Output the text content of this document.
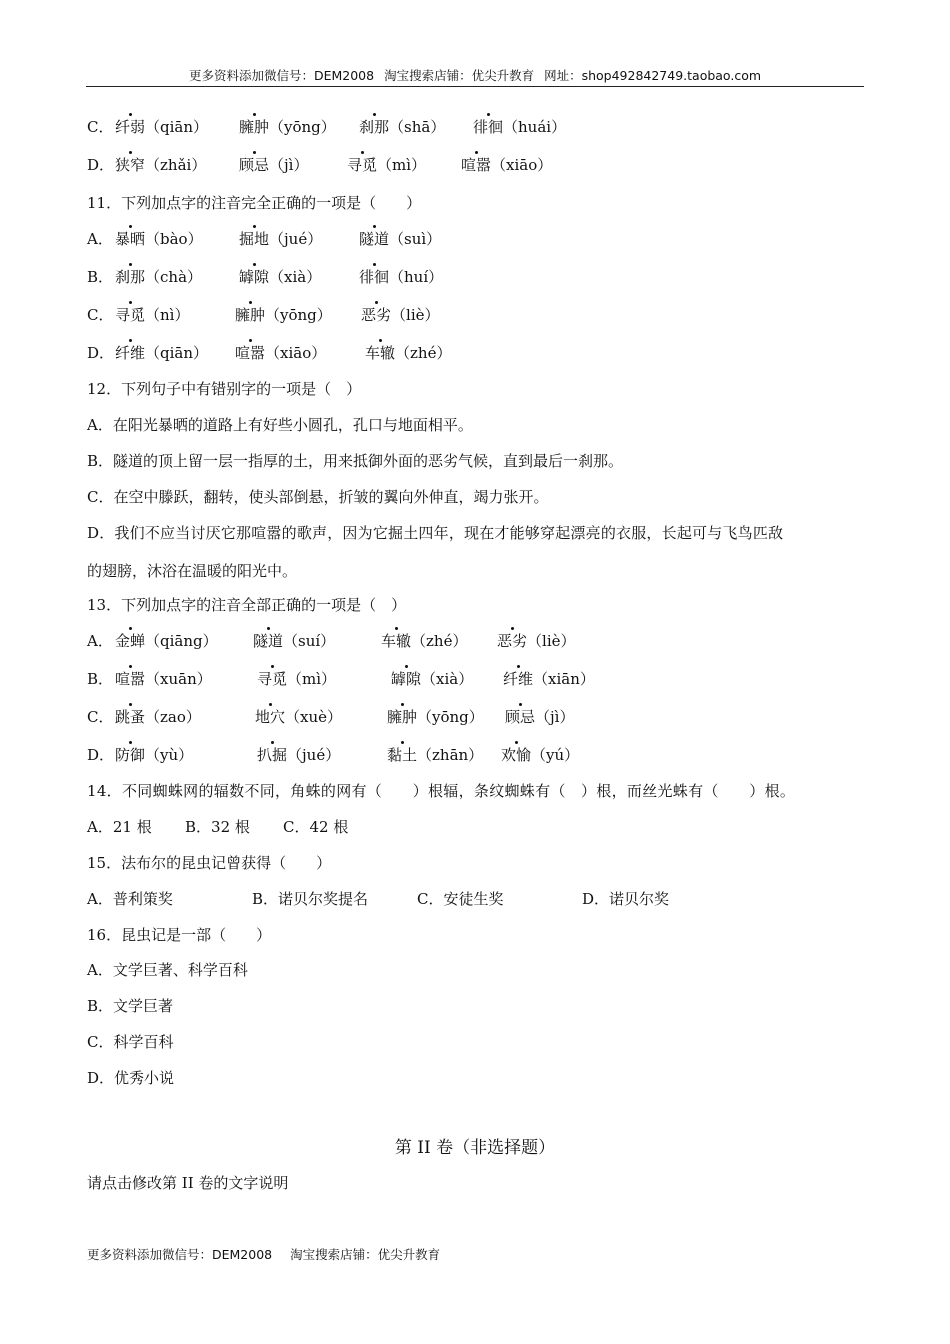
更多资料添加微信号：DEM2008 淘宝搜索店铺：优尖升教育 网址：shop492842749.taobao.com
C． 纤弱（qiān） 臃肿（yōng） 刹那（shā） 徘徊（huái）
D．狭窄（zhǎi） 顾忌（jì）	寻觅（mì） 喧嚣（xiāo）
11．下列加点字的注音完全正确的一项是（　　）
A． 暴晒（bào） 掘地（jué） 隧道（suì）
B． 刹那（chà） 罅隙（xià）	徘徊（huí）
C． 寻觅（nì）	臃肿（yōng） 恶劣（liè）
D．纤维（qiān） 喧嚣（xiāo）	车辙（zhé）
12．下列句子中有错别字的一项是（　）
A．在阳光暴晒的道路上有好些小圆孔，孔口与地面相平。
B．隧道的顶上留一层一指厚的土，用来抵御外面的恶劣气候，直到最后一刹那。
C．在空中滕跃，翻转，使头部倒悬，折皱的翼向外伸直，竭力张开。
D．我们不应当讨厌它那喧嚣的歌声，因为它掘土四年，现在才能够穿起漂亮的衣服，长起可与飞鸟匹敌
的翅膀，沐浴在温暖的阳光中。
13．下列加点字的注音全部正确的一项是（　）
A． 金蝉（qiāng） 隧道（suí）	车辙（zhé） 恶劣（liè）
B． 喧嚣（xuān）	寻觅（mì）	罅隙（xià） 纤维（xiān）
C． 跳蚤（zao）	地穴（xuè）	臃肿（yōng） 顾忌（jì）
D．防御（yù）	扒掘（jué）	黏土（zhān） 欢愉（yú）
14．不同蜘蛛网的辐数不同，角蛛的网有（　　）根辐，条纹蜘蛛有（　）根，而丝光蛛有（　　）根。
A．21 根 B．32 根 C．42 根
15．法布尔的昆虫记曾获得（　　）
A．普利策奖	B．诺贝尔奖提名	C．安徒生奖	D．诺贝尔奖
16．昆虫记是一部（　　）
A．文学巨著、科学百科
B．文学巨著
C．科学百科
D．优秀小说
第 II 卷（非选择题）
请点击修改第 II 卷的文字说明
更多资料添加微信号：DEM2008 淘宝搜索店铺：优尖升教育
